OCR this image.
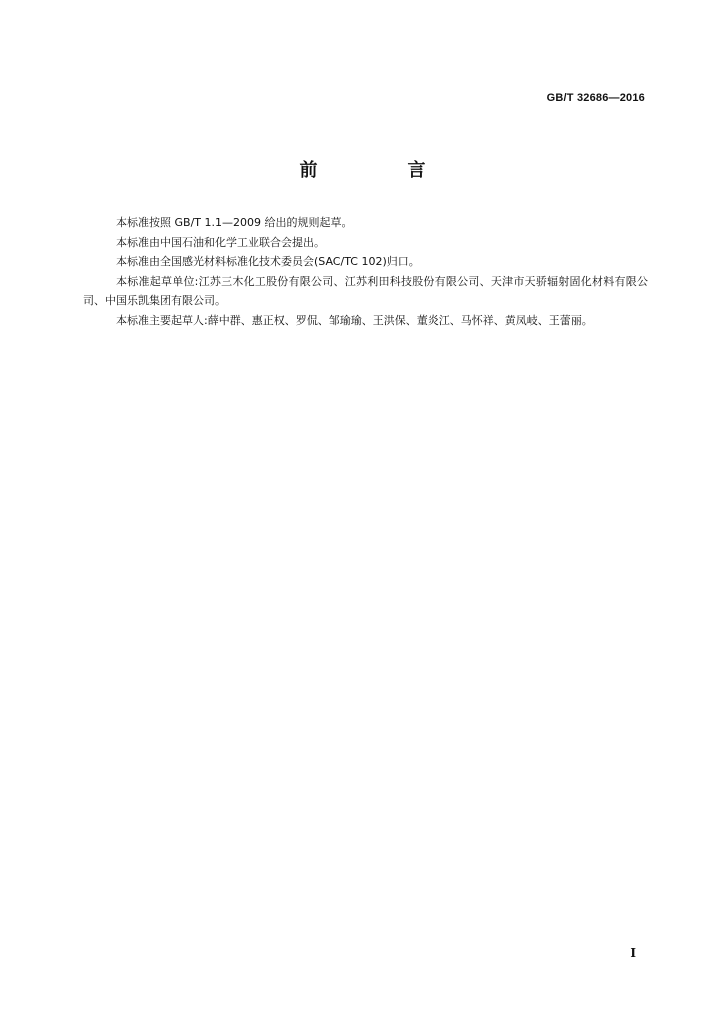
GB/T 32686—2016
前　言

本标准按照 GB/T 1.1—2009 给出的规则起草。

本标准由中国石油和化学工业联合会提出。

本标准由全国感光材料标准化技术委员会(SAC/TC 102)归口。

本标准起草单位:江苏三木化工股份有限公司、江苏利田科技股份有限公司、天津市天骄辐射固化材料有限公司、中国乐凯集团有限公司。

本标准主要起草人:薛中群、惠正权、罗侃、邹瑜瑜、王洪保、董炎江、马怀祥、黄凤岐、王蕾丽。

I
